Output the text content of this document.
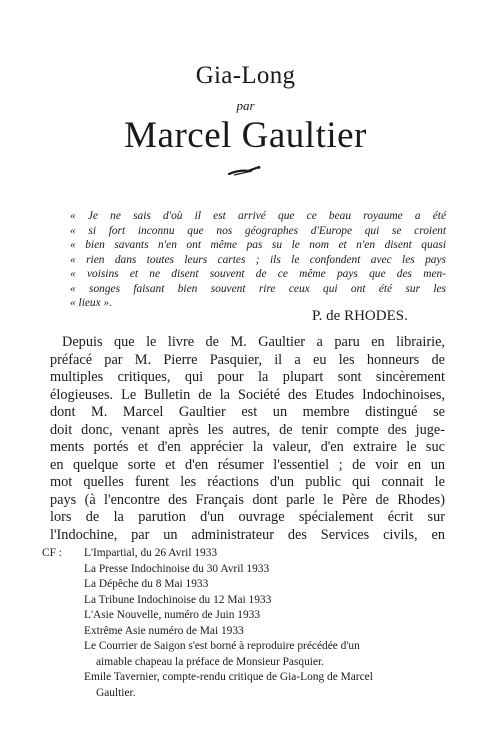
Gia-Long
par
Marcel Gaultier
« Je ne sais d'où il est arrivé que ce beau royaume a été
« si fort inconnu que nos géographes d'Europe qui se croient
« bien savants n'en ont même pas su le nom et n'en disent quasi
« rien dans toutes leurs cartes ; ils le confondent avec les pays
« voisins et ne disent souvent de ce même pays que des men-
« songes faisant bien souvent rire ceux qui ont été sur les
« lieux ».
P. de RHODES.
Depuis que le livre de M. Gaultier a paru en librairie,
préfacé par M. Pierre Pasquier, il a eu les honneurs de
multiples critiques, qui pour la plupart sont sincèrement
élogieuses. Le Bulletin de la Société des Etudes Indochinoises,
dont M. Marcel Gaultier est un membre distingué se
doit donc, venant après les autres, de tenir compte des juge-
ments portés et d'en apprécier la valeur, d'en extraire le suc
en quelque sorte et d'en résumer l'essentiel ; de voir en un
mot quelles furent les réactions d'un public qui connait le
pays (à l'encontre des Français dont parle le Père de Rhodes)
lors de la parution d'un ouvrage spécialement écrit sur
l'Indochine, par un administrateur des Services civils, en
CF : L'Impartial, du 26 Avril 1933
La Presse Indochinoise du 30 Avril 1933
La Dépêche du 8 Mai 1933
La Tribune Indochinoise du 12 Mai 1933
L'Asie Nouvelle, numéro de Juin 1933
Extrême Asie numéro de Mai 1933
Le Courrier de Saigon s'est borné à reproduire précédée d'un
aimable chapeau la préface de Monsieur Pasquier.
Emile Tavernier, compte-rendu critique de Gia-Long de Marcel
Gaultier.
